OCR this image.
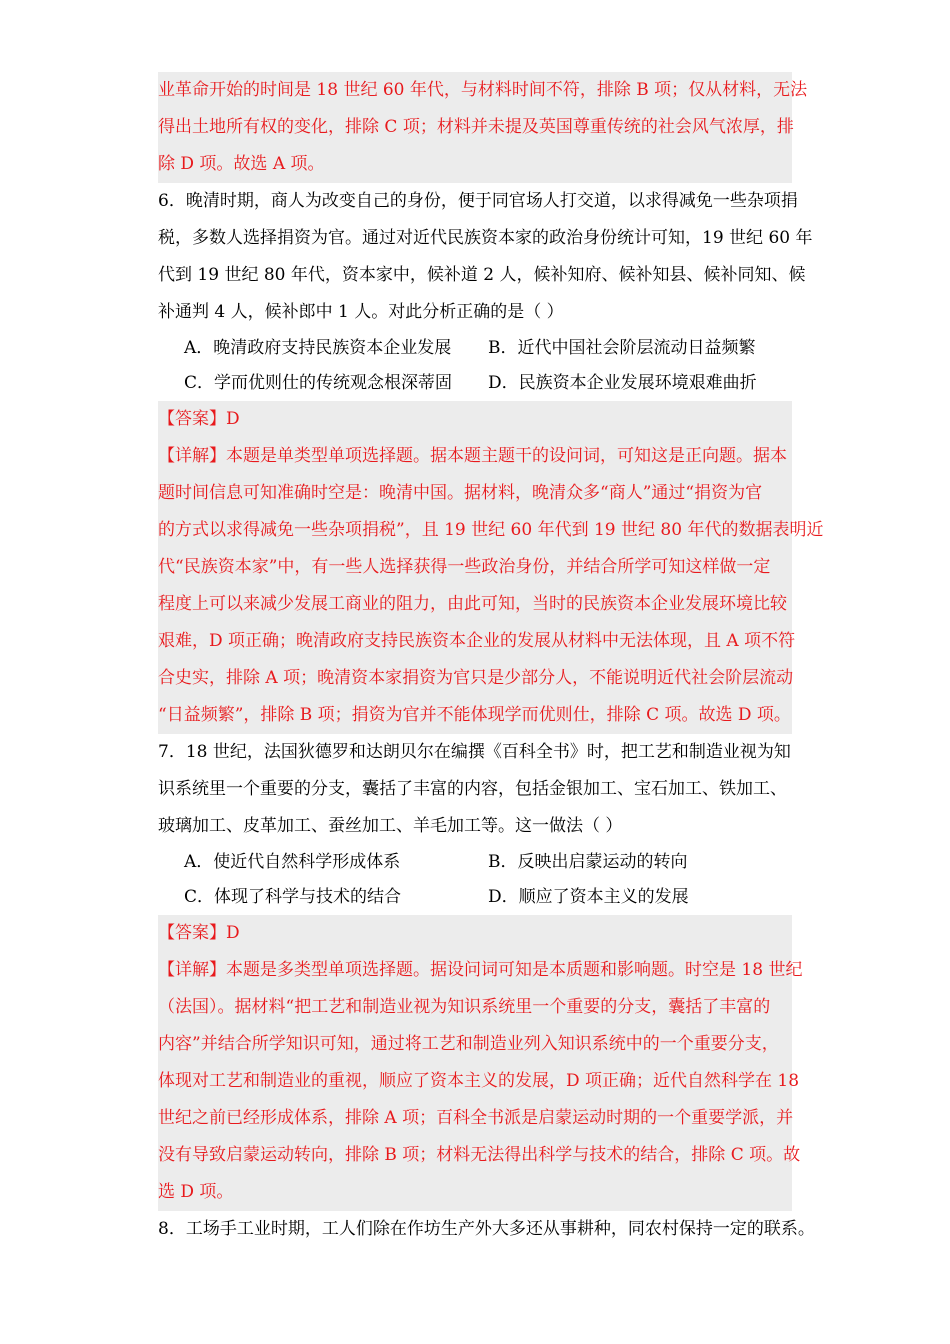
业革命开始的时间是 18 世纪 60 年代，与材料时间不符，排除 B 项；仅从材料，无法
得出土地所有权的变化，排除 C 项；材料并未提及英国尊重传统的社会风气浓厚，排
除 D 项。故选 A 项。
6．晚清时期，商人为改变自己的身份，便于同官场人打交道，以求得减免一些杂项捐
税，多数人选择捐资为官。通过对近代民族资本家的政治身份统计可知，19 世纪 60 年
代到 19 世纪 80 年代，资本家中，候补道 2 人，候补知府、候补知县、候补同知、候
补通判 4 人，候补郎中 1 人。对此分析正确的是（ ）
A．晚清政府支持民族资本企业发展	B．近代中国社会阶层流动日益频繁
C．学而优则仕的传统观念根深蒂固	D．民族资本企业发展环境艰难曲折
【答案】D
【详解】本题是单类型单项选择题。据本题主题干的设问词，可知这是正向题。据本
题时间信息可知准确时空是：晚清中国。据材料，晚清众多“商人”通过“捐资为官
的方式以求得减免一些杂项捐税”，且 19 世纪 60 年代到 19 世纪 80 年代的数据表明近
代“民族资本家”中，有一些人选择获得一些政治身份，并结合所学可知这样做一定
程度上可以来减少发展工商业的阻力，由此可知，当时的民族资本企业发展环境比较
艰难，D 项正确；晚清政府支持民族资本企业的发展从材料中无法体现，且 A 项不符
合史实，排除 A 项；晚清资本家捐资为官只是少部分人，不能说明近代社会阶层流动
“日益频繁”，排除 B 项；捐资为官并不能体现学而优则仕，排除 C 项。故选 D 项。
7．18 世纪，法国狄德罗和达朗贝尔在编撰《百科全书》时，把工艺和制造业视为知
识系统里一个重要的分支，囊括了丰富的内容，包括金银加工、宝石加工、铁加工、
玻璃加工、皮革加工、蚕丝加工、羊毛加工等。这一做法（ ）
A．使近代自然科学形成体系	B．反映出启蒙运动的转向
C．体现了科学与技术的结合	D．顺应了资本主义的发展
【答案】D
【详解】本题是多类型单项选择题。据设问词可知是本质题和影响题。时空是 18 世纪
（法国）。据材料“把工艺和制造业视为知识系统里一个重要的分支，囊括了丰富的
内容”并结合所学知识可知，通过将工艺和制造业列入知识系统中的一个重要分支，
体现对工艺和制造业的重视，顺应了资本主义的发展，D 项正确；近代自然科学在 18
世纪之前已经形成体系，排除 A 项；百科全书派是启蒙运动时期的一个重要学派，并
没有导致启蒙运动转向，排除 B 项；材料无法得出科学与技术的结合，排除 C 项。故
选 D 项。
8．工场手工业时期，工人们除在作坊生产外大多还从事耕种，同农村保持一定的联系。
